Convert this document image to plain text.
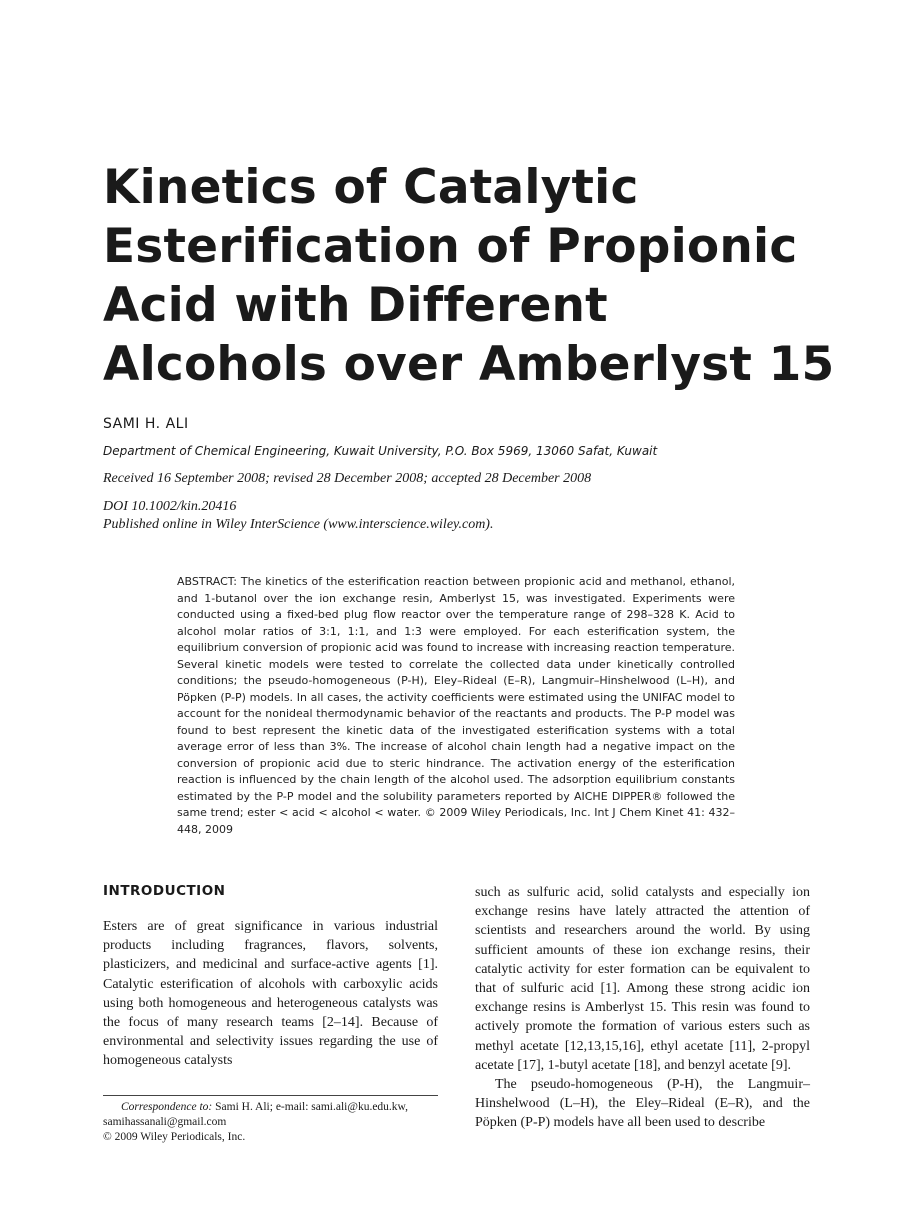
Kinetics of Catalytic Esterification of Propionic Acid with Different Alcohols over Amberlyst 15
SAMI H. ALI
Department of Chemical Engineering, Kuwait University, P.O. Box 5969, 13060 Safat, Kuwait
Received 16 September 2008; revised 28 December 2008; accepted 28 December 2008
DOI 10.1002/kin.20416
Published online in Wiley InterScience (www.interscience.wiley.com).

ABSTRACT: The kinetics of the esterification reaction between propionic acid and methanol, ethanol, and 1-butanol over the ion exchange resin, Amberlyst 15, was investigated. Experiments were conducted using a fixed-bed plug flow reactor over the temperature range of 298–328 K. Acid to alcohol molar ratios of 3:1, 1:1, and 1:3 were employed. For each esterification system, the equilibrium conversion of propionic acid was found to increase with increasing reaction temperature. Several kinetic models were tested to correlate the collected data under kinetically controlled conditions; the pseudo-homogeneous (P-H), Eley–Rideal (E–R), Langmuir–Hinshelwood (L–H), and Pöpken (P-P) models. In all cases, the activity coefficients were estimated using the UNIFAC model to account for the nonideal thermodynamic behavior of the reactants and products. The P-P model was found to best represent the kinetic data of the investigated esterification systems with a total average error of less than 3%. The increase of alcohol chain length had a negative impact on the conversion of propionic acid due to steric hindrance. The activation energy of the esterification reaction is influenced by the chain length of the alcohol used. The adsorption equilibrium constants estimated by the P-P model and the solubility parameters reported by AICHE DIPPER® followed the same trend; ester < acid < alcohol < water. © 2009 Wiley Periodicals, Inc. Int J Chem Kinet 41: 432–448, 2009

INTRODUCTION

Esters are of great significance in various industrial products including fragrances, flavors, solvents, plasticizers, and medicinal and surface-active agents [1]. Catalytic esterification of alcohols with carboxylic acids using both homogeneous and heterogeneous catalysts was the focus of many research teams [2–14]. Because of environmental and selectivity issues regarding the use of homogeneous catalysts

such as sulfuric acid, solid catalysts and especially ion exchange resins have lately attracted the attention of scientists and researchers around the world. By using sufficient amounts of these ion exchange resins, their catalytic activity for ester formation can be equivalent to that of sulfuric acid [1]. Among these strong acidic ion exchange resins is Amberlyst 15. This resin was found to actively promote the formation of various esters such as methyl acetate [12,13,15,16], ethyl acetate [11], 2-propyl acetate [17], 1-butyl acetate [18], and benzyl acetate [9].

The pseudo-homogeneous (P-H), the Langmuir–Hinshelwood (L–H), the Eley–Rideal (E–R), and the Pöpken (P-P) models have all been used to describe

Correspondence to: Sami H. Ali; e-mail: sami.ali@ku.edu.kw, samihassanali@gmail.com
© 2009 Wiley Periodicals, Inc.
